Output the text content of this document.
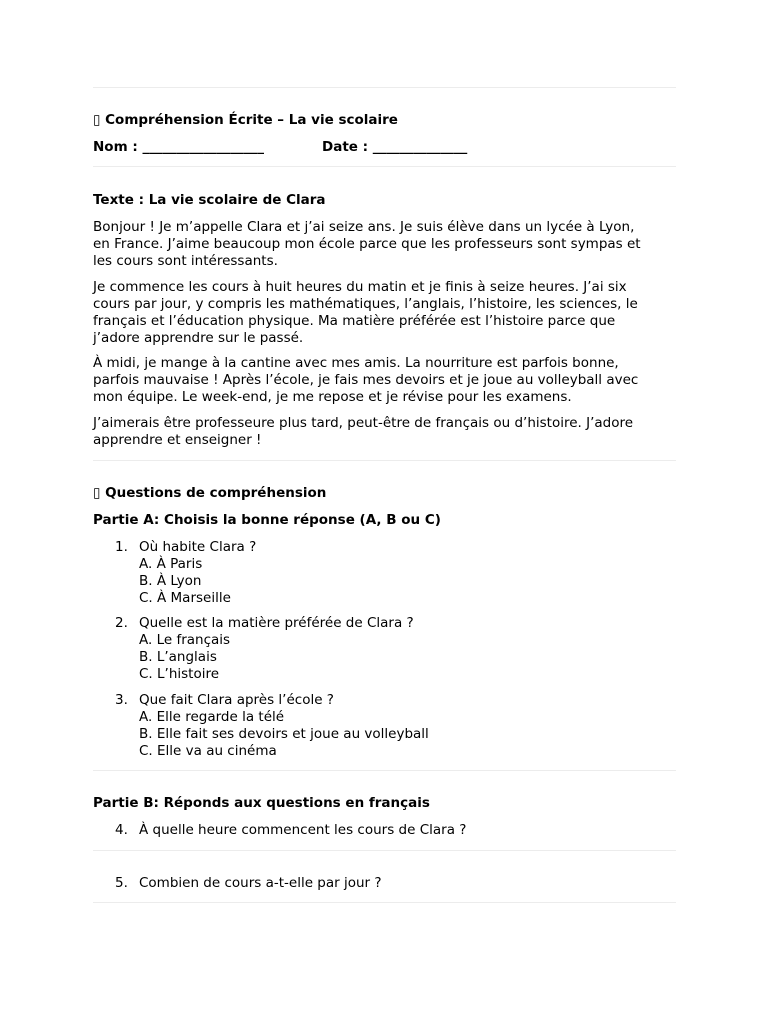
▯ Compréhension Écrite – La vie scolaire
Nom : __________________	Date : ______________
Texte : La vie scolaire de Clara
Bonjour ! Je m’appelle Clara et j’ai seize ans. Je suis élève dans un lycée à Lyon,
en France. J’aime beaucoup mon école parce que les professeurs sont sympas et
les cours sont intéressants.
Je commence les cours à huit heures du matin et je finis à seize heures. J’ai six
cours par jour, y compris les mathématiques, l’anglais, l’histoire, les sciences, le
français et l’éducation physique. Ma matière préférée est l’histoire parce que
j’adore apprendre sur le passé.
À midi, je mange à la cantine avec mes amis. La nourriture est parfois bonne,
parfois mauvaise ! Après l’école, je fais mes devoirs et je joue au volleyball avec
mon équipe. Le week-end, je me repose et je révise pour les examens.
J’aimerais être professeure plus tard, peut-être de français ou d’histoire. J’adore
apprendre et enseigner !
▯ Questions de compréhension
Partie A: Choisis la bonne réponse (A, B ou C)
1. Où habite Clara ?
A. À Paris
B. À Lyon
C. À Marseille
2. Quelle est la matière préférée de Clara ?
A. Le français
B. L’anglais
C. L’histoire
3. Que fait Clara après l’école ?
A. Elle regarde la télé
B. Elle fait ses devoirs et joue au volleyball
C. Elle va au cinéma
Partie B: Réponds aux questions en français
4. À quelle heure commencent les cours de Clara ?
5. Combien de cours a-t-elle par jour ?
